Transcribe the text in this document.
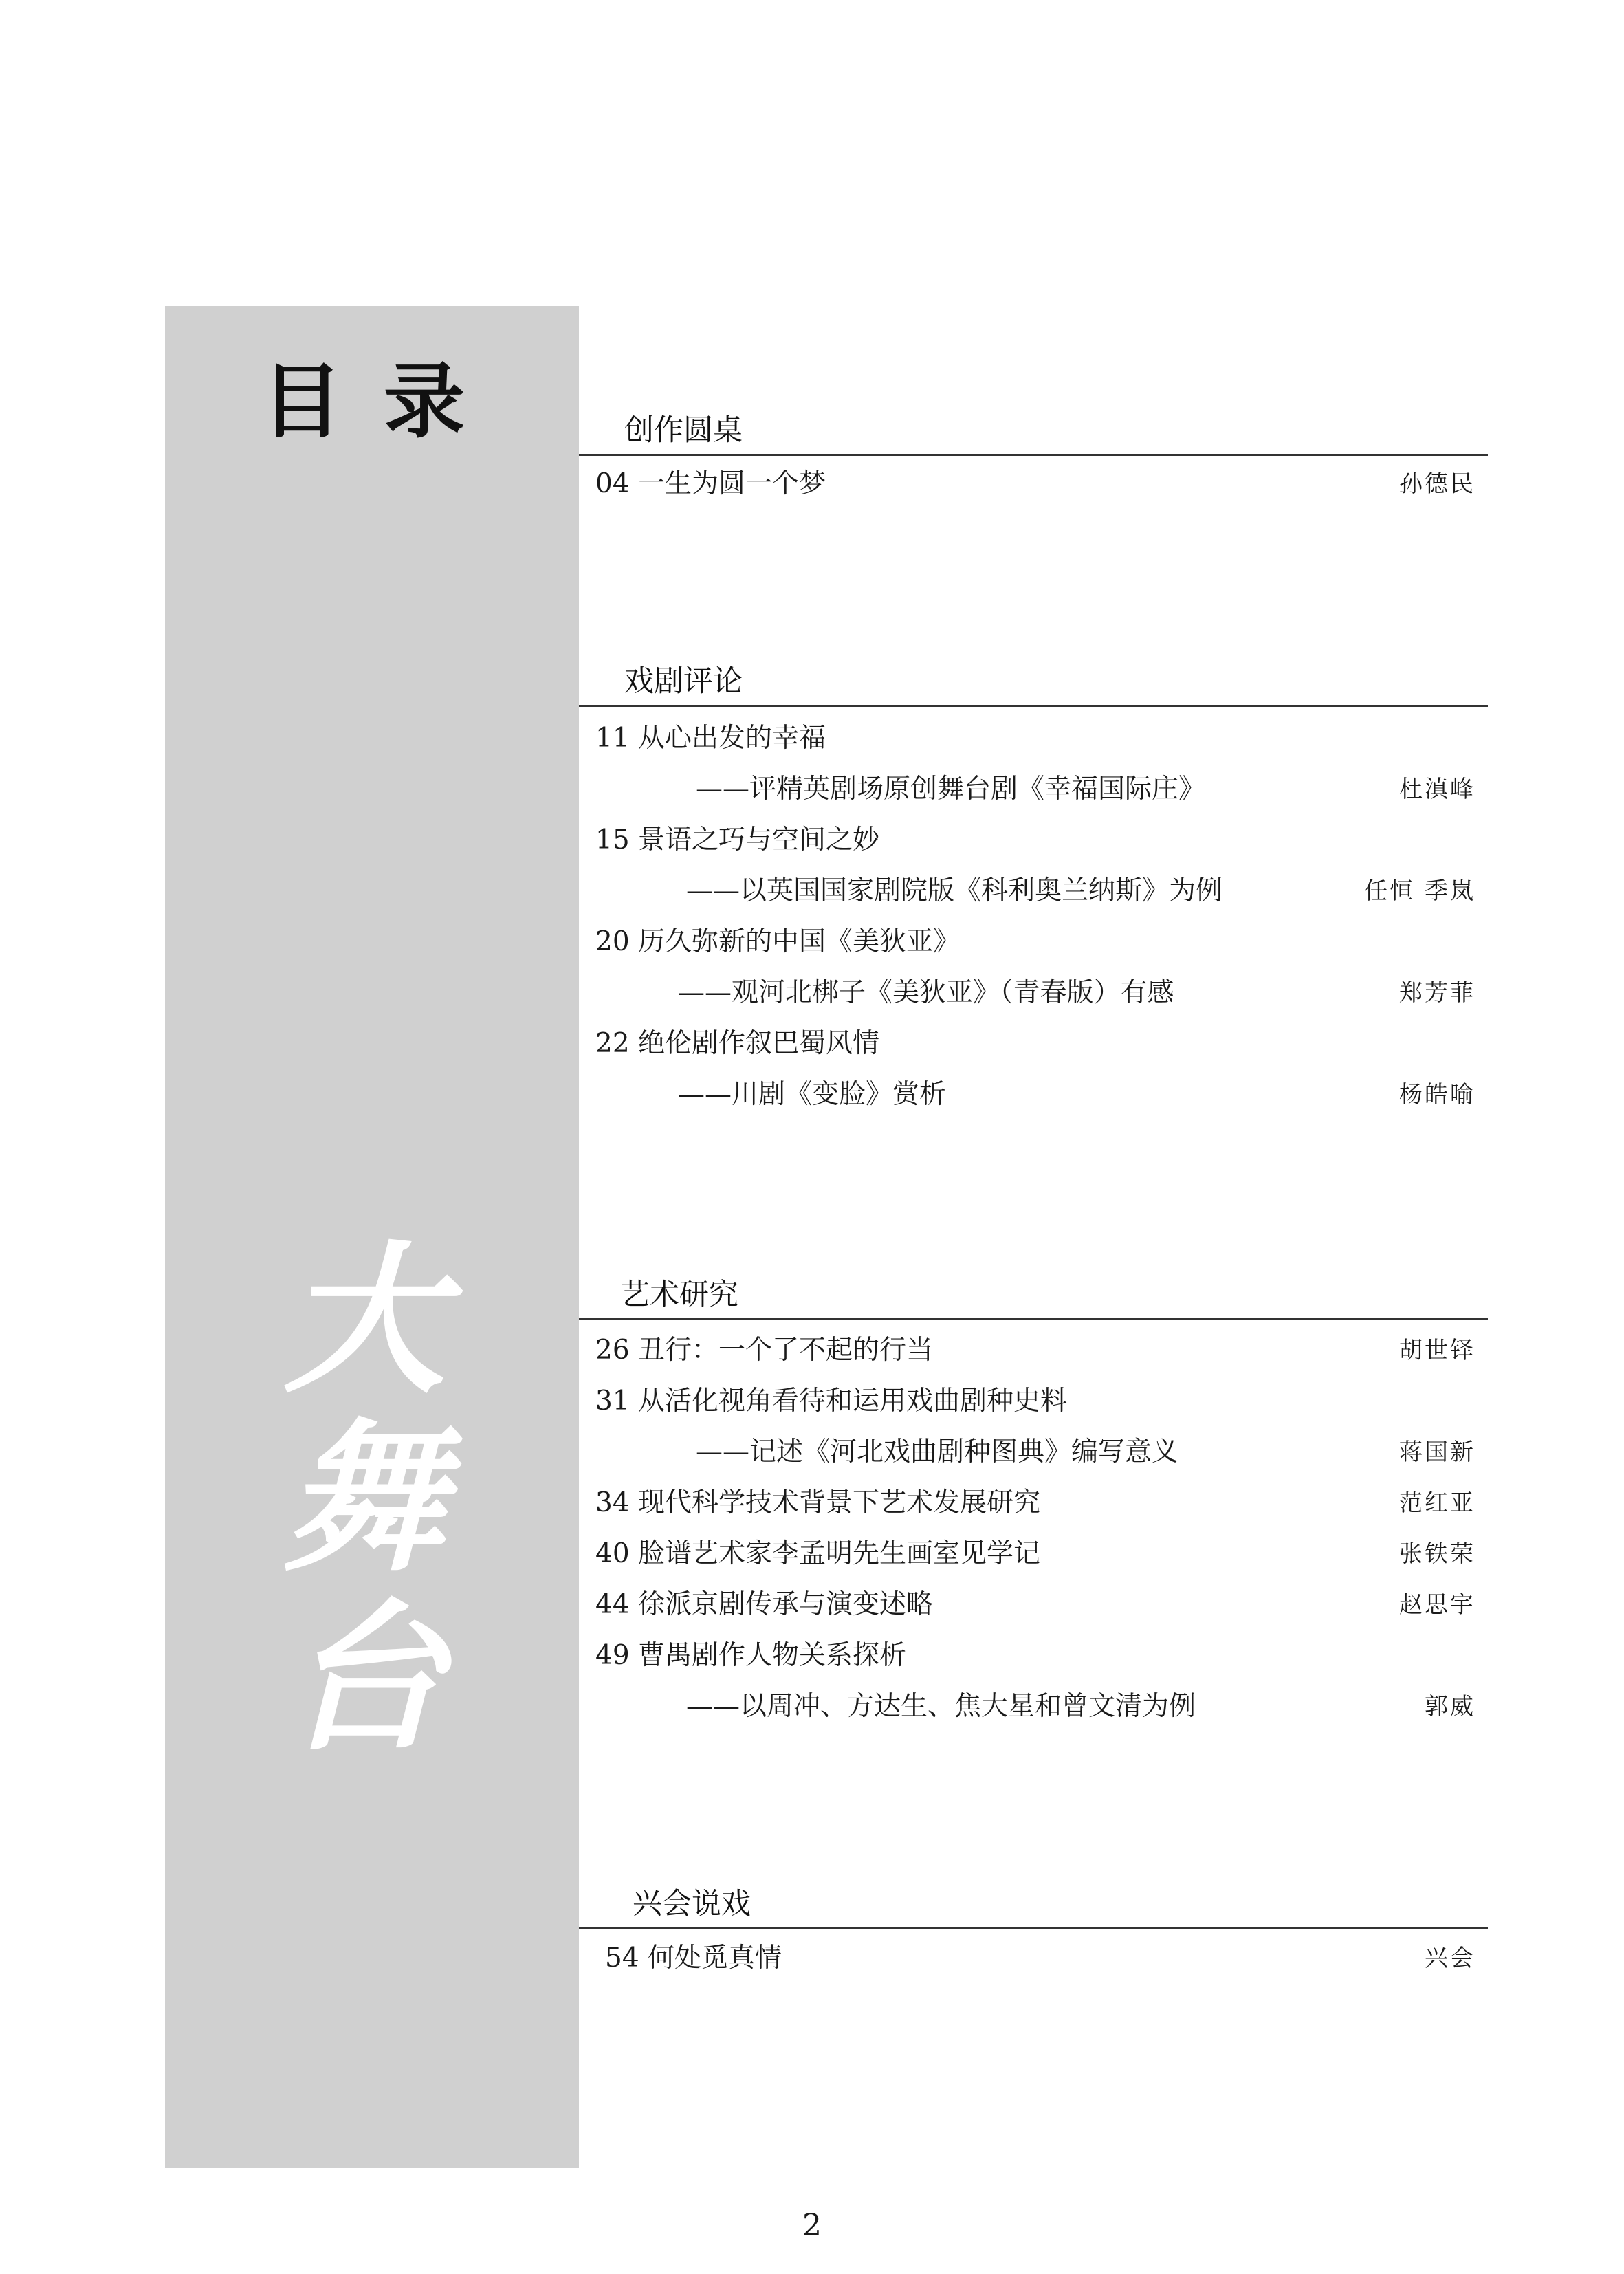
目录
大
舞
台
创作圆桌
04 一生为圆一个梦	孙德民
戏剧评论
11 从心出发的幸福
——评精英剧场原创舞台剧《幸福国际庄》	杜滇峰
15 景语之巧与空间之妙
——以英国国家剧院版《科利奥兰纳斯》为例	任恒 季岚
20 历久弥新的中国《美狄亚》
——观河北梆子《美狄亚》（青春版）有感	郑芳菲
22 绝伦剧作叙巴蜀风情
——川剧《变脸》赏析	杨皓喻
艺术研究
26 丑行：一个了不起的行当	胡世铎
31 从活化视角看待和运用戏曲剧种史料
——记述《河北戏曲剧种图典》编写意义	蒋国新
34 现代科学技术背景下艺术发展研究	范红亚
40 脸谱艺术家李孟明先生画室见学记	张铁荣
44 徐派京剧传承与演变述略	赵思宇
49 曹禺剧作人物关系探析
——以周冲、方达生、焦大星和曾文清为例	郭威
兴会说戏
54 何处觅真情	兴会
2
